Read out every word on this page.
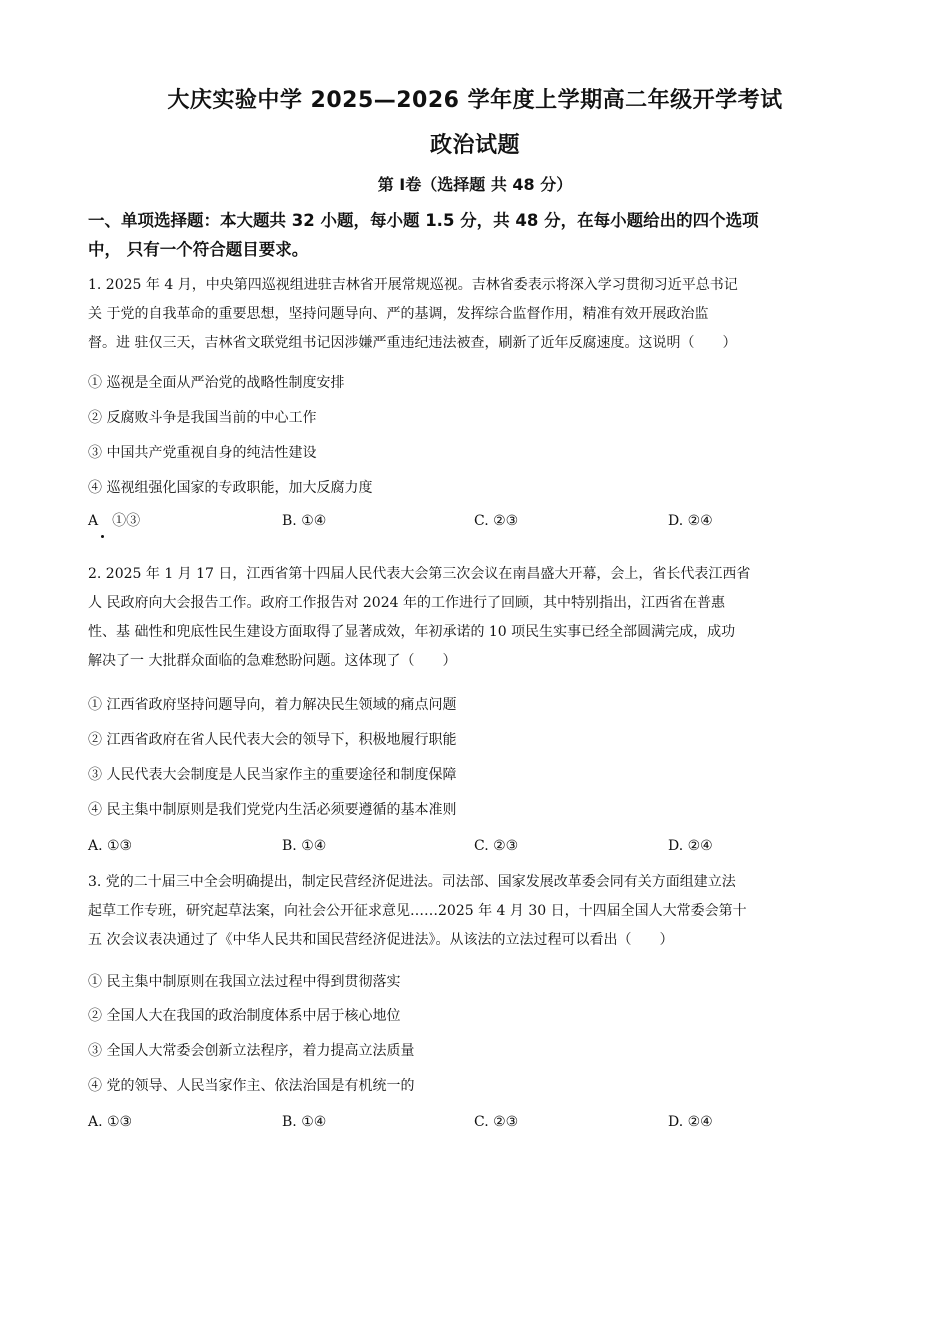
大庆实验中学 2025—2026 学年度上学期高二年级开学考试
政治试题
第 Ⅰ卷（选择题 共 48 分）
一、单项选择题：本大题共 32 小题，每小题 1.5 分，共 48 分，在每小题给出的四个选项
中， 只有一个符合题目要求。
1. 2025 年 4 月，中央第四巡视组进驻吉林省开展常规巡视。吉林省委表示将深入学习贯彻习近平总书记
关 于党的自我革命的重要思想，坚持问题导向、严的基调，发挥综合监督作用，精准有效开展政治监
督。进 驻仅三天，吉林省文联党组书记因涉嫌严重违纪违法被查，刷新了近年反腐速度。这说明（　　）
① 巡视是全面从严治党的战略性制度安排
② 反腐败斗争是我国当前的中心工作
③ 中国共产党重视自身的纯洁性建设
④ 巡视组强化国家的专政职能，加大反腐力度
A　①③	B. ①④	C. ②③	D. ②④
2. 2025 年 1 月 17 日，江西省第十四届人民代表大会第三次会议在南昌盛大开幕，会上，省长代表江西省
人 民政府向大会报告工作。政府工作报告对 2024 年的工作进行了回顾，其中特别指出，江西省在普惠
性、基 础性和兜底性民生建设方面取得了显著成效，年初承诺的 10 项民生实事已经全部圆满完成，成功
解决了一 大批群众面临的急难愁盼问题。这体现了（　　）
① 江西省政府坚持问题导向，着力解决民生领域的痛点问题
② 江西省政府在省人民代表大会的领导下，积极地履行职能
③ 人民代表大会制度是人民当家作主的重要途径和制度保障
④ 民主集中制原则是我们党党内生活必须要遵循的基本准则
A. ①③	B. ①④	C. ②③	D. ②④
3. 党的二十届三中全会明确提出，制定民营经济促进法。司法部、国家发展改革委会同有关方面组建立法
起草工作专班，研究起草法案，向社会公开征求意见……2025 年 4 月 30 日，十四届全国人大常委会第十
五 次会议表决通过了《中华人民共和国民营经济促进法》。从该法的立法过程可以看出（　　）
① 民主集中制原则在我国立法过程中得到贯彻落实
② 全国人大在我国的政治制度体系中居于核心地位
③ 全国人大常委会创新立法程序，着力提高立法质量
④ 党的领导、人民当家作主、依法治国是有机统一的
A. ①③	B. ①④	C. ②③	D. ②④
